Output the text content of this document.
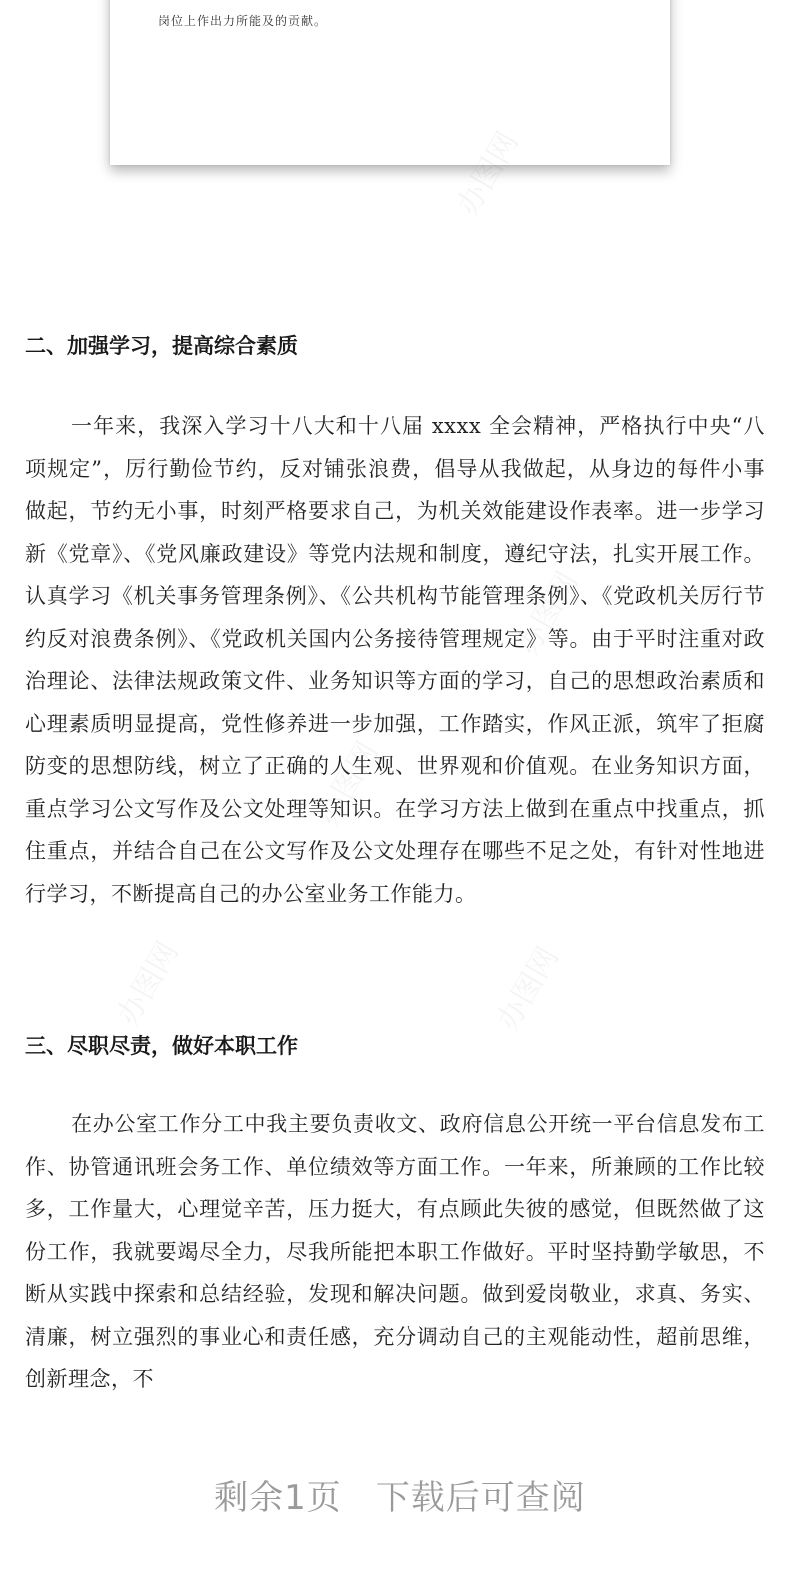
岗位上作出力所能及的贡献。
二、加强学习，提高综合素质

一年来，我深入学习十八大和十八届 xxxx 全会精神，严格执行中央“八项规定”，厉行勤俭节约，反对铺张浪费，倡导从我做起，从身边的每件小事做起，节约无小事，时刻严格要求自己，为机关效能建设作表率。进一步学习新《党章》、《党风廉政建设》等党内法规和制度，遵纪守法，扎实开展工作。认真学习《机关事务管理条例》、《公共机构节能管理条例》、《党政机关厉行节约反对浪费条例》、《党政机关国内公务接待管理规定》等。由于平时注重对政治理论、法律法规政策文件、业务知识等方面的学习，自己的思想政治素质和心理素质明显提高，党性修养进一步加强，工作踏实，作风正派，筑牢了拒腐防变的思想防线，树立了正确的人生观、世界观和价值观。在业务知识方面，重点学习公文写作及公文处理等知识。在学习方法上做到在重点中找重点，抓住重点，并结合自己在公文写作及公文处理存在哪些不足之处，有针对性地进行学习，不断提高自己的办公室业务工作能力。

三、尽职尽责，做好本职工作

在办公室工作分工中我主要负责收文、政府信息公开统一平台信息发布工作、协管通讯班会务工作、单位绩效等方面工作。一年来，所兼顾的工作比较多，工作量大，心理觉辛苦，压力挺大，有点顾此失彼的感觉，但既然做了这份工作，我就要竭尽全力，尽我所能把本职工作做好。平时坚持勤学敏思，不断从实践中探索和总结经验，发现和解决问题。做到爱岗敬业，求真、务实、清廉，树立强烈的事业心和责任感，充分调动自己的主观能动性，超前思维，创新理念，不

剩余1页 下载后可查阅
